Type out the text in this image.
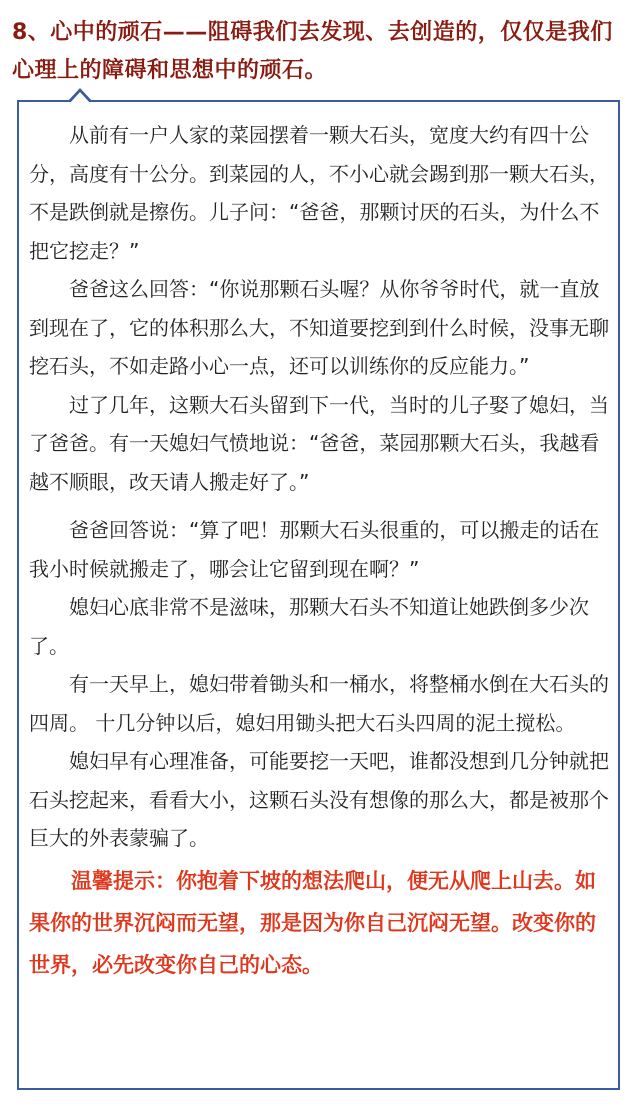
8、心中的顽石——阻碍我们去发现、去创造的，仅仅是我们心理上的障碍和思想中的顽石。

从前有一户人家的菜园摆着一颗大石头，宽度大约有四十公分，高度有十公分。到菜园的人，不小心就会踢到那一颗大石头，不是跌倒就是擦伤。儿子问：“爸爸，那颗讨厌的石头，为什么不把它挖走？”

爸爸这么回答：“你说那颗石头喔？从你爷爷时代，就一直放到现在了，它的体积那么大，不知道要挖到到什么时候，没事无聊挖石头，不如走路小心一点，还可以训练你的反应能力。”

过了几年，这颗大石头留到下一代，当时的儿子娶了媳妇，当了爸爸。有一天媳妇气愤地说：“爸爸，菜园那颗大石头，我越看越不顺眼，改天请人搬走好了。”

爸爸回答说：“算了吧！那颗大石头很重的，可以搬走的话在我小时候就搬走了，哪会让它留到现在啊？”

媳妇心底非常不是滋味，那颗大石头不知道让她跌倒多少次了。

有一天早上，媳妇带着锄头和一桶水，将整桶水倒在大石头的四周。 十几分钟以后，媳妇用锄头把大石头四周的泥土搅松。

媳妇早有心理准备，可能要挖一天吧，谁都没想到几分钟就把石头挖起来，看看大小，这颗石头没有想像的那么大，都是被那个巨大的外表蒙骗了。

温馨提示：你抱着下坡的想法爬山，便无从爬上山去。如果你的世界沉闷而无望，那是因为你自己沉闷无望。改变你的世界，必先改变你自己的心态。
